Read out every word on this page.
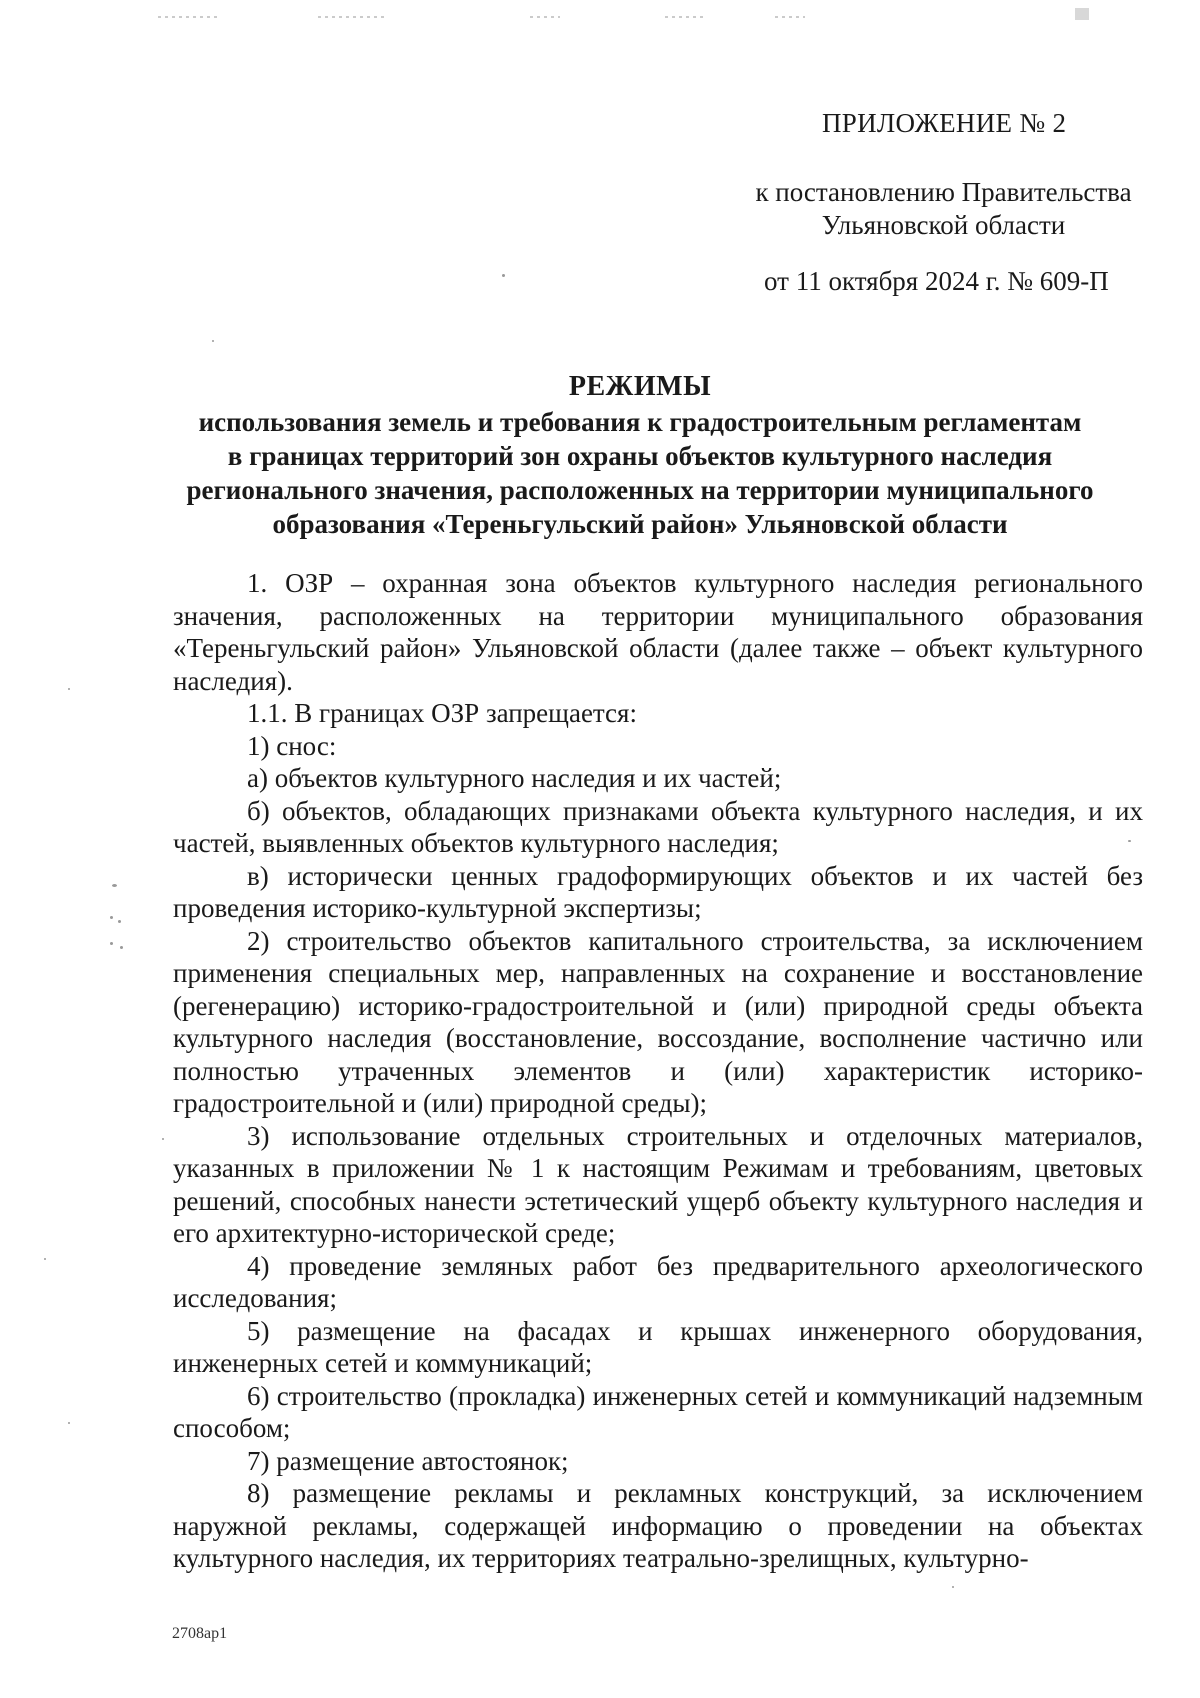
ПРИЛОЖЕНИЕ № 2
к постановлению Правительства
Ульяновской области
от 11 октября 2024 г. № 609-П
РЕЖИМЫ
использования земель и требования к градостроительным регламентам
в границах территорий зон охраны объектов культурного наследия
регионального значения, расположенных на территории муниципального
образования «Тереньгульский район» Ульяновской области

1. ОЗР – охранная зона объектов культурного наследия регионального значения, расположенных на территории муниципального образования «Тереньгульский район» Ульяновской области (далее также – объект культурного наследия).

1.1. В границах ОЗР запрещается:

1) снос:

а) объектов культурного наследия и их частей;

б) объектов, обладающих признаками объекта культурного наследия, и их частей, выявленных объектов культурного наследия;

в) исторически ценных градоформирующих объектов и их частей без проведения историко-культурной экспертизы;

2) строительство объектов капитального строительства, за исключением применения специальных мер, направленных на сохранение и восстановление (регенерацию) историко-градостроительной и (или) природной среды объекта культурного наследия (восстановление, воссоздание, восполнение частично или полностью утраченных элементов и (или) характеристик историко-градостроительной и (или) природной среды);

3) использование отдельных строительных и отделочных материалов, указанных в приложении № 1 к настоящим Режимам и требованиям, цветовых решений, способных нанести эстетический ущерб объекту культурного наследия и его архитектурно-исторической среде;

4) проведение земляных работ без предварительного археологического исследования;

5) размещение на фасадах и крышах инженерного оборудования, инженерных сетей и коммуникаций;

6) строительство (прокладка) инженерных сетей и коммуникаций надземным способом;

7) размещение автостоянок;

8) размещение рекламы и рекламных конструкций, за исключением наружной рекламы, содержащей информацию о проведении на объектах культурного наследия, их территориях театрально-зрелищных, культурно-

2708ар1
